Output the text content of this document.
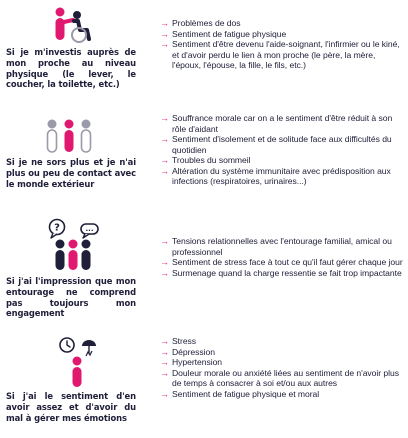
Si je m'investis auprès de mon proche au niveau physique (le lever, le coucher, la toilette, etc.)
→ Problèmes de dos
→ Sentiment de fatigue physique
→ Sentiment d'être devenu l'aide-soignant, l'infirmier ou le kiné, et d'avoir perdu le lien à mon proche (le père, la mère, l'époux, l'épouse, la fille, le fils, etc.)
Si je ne sors plus et je n'ai plus ou peu de contact avec le monde extérieur
→ Souffrance morale car on a le sentiment d'être réduit à son rôle d'aidant
→ Sentiment d'isolement et de solitude face aux difficultés du quotidien
→ Troubles du sommeil
→ Altération du système immunitaire avec prédisposition aux infections (respiratoires, urinaires...)
?	...
Si j'ai l'impression que mon entourage ne comprend pas toujours mon engagement
→ Tensions relationnelles avec l'entourage familial, amical ou professionnel
→ Sentiment de stress face à tout ce qu'il faut gérer chaque jour
→ Surmenage quand la charge ressentie se fait trop impactante
Si j'ai le sentiment d'en avoir assez et d'avoir du mal à gérer mes émotions
→ Stress
→ Dépression
→ Hypertension
→ Douleur morale ou anxiété liées au sentiment de n'avoir plus de temps à consacrer à soi et/ou aux autres
→ Sentiment de fatigue physique et moral
